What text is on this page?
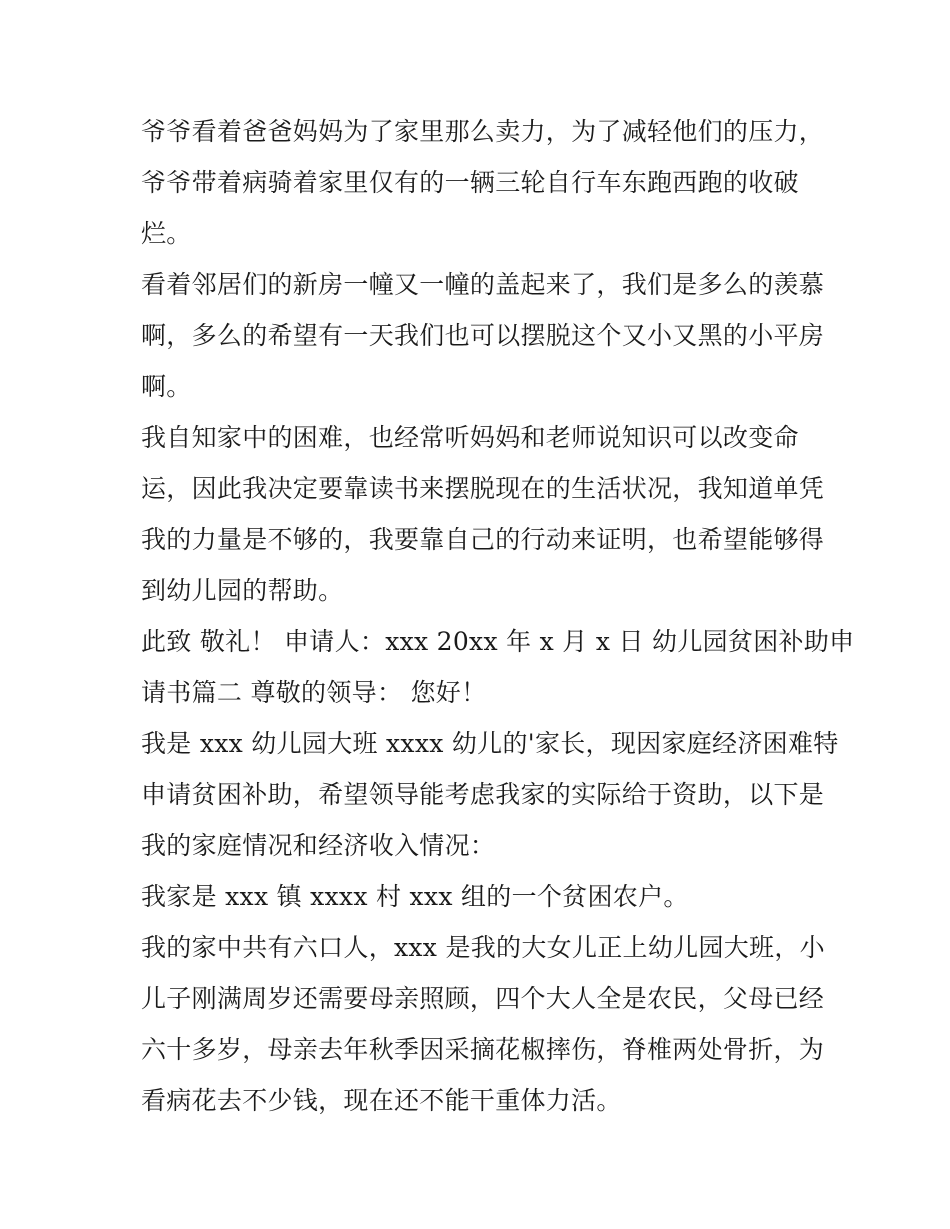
爷爷看着爸爸妈妈为了家里那么卖力，为了减轻他们的压力，
爷爷带着病骑着家里仅有的一辆三轮自行车东跑西跑的收破
烂。
看着邻居们的新房一幢又一幢的盖起来了，我们是多么的羡慕
啊，多么的希望有一天我们也可以摆脱这个又小又黑的小平房
啊。
我自知家中的困难，也经常听妈妈和老师说知识可以改变命
运，因此我决定要靠读书来摆脱现在的生活状况，我知道单凭
我的力量是不够的，我要靠自己的行动来证明，也希望能够得
到幼儿园的帮助。
此致 敬礼！ 申请人：xxx 20xx 年 x 月 x 日 幼儿园贫困补助申
请书篇二 尊敬的领导： 您好！
我是 xxx 幼儿园大班 xxxx 幼儿的'家长，现因家庭经济困难特
申请贫困补助，希望领导能考虑我家的实际给于资助，以下是
我的家庭情况和经济收入情况：
我家是 xxx 镇 xxxx 村 xxx 组的一个贫困农户。
我的家中共有六口人，xxx 是我的大女儿正上幼儿园大班，小
儿子刚满周岁还需要母亲照顾，四个大人全是农民，父母已经
六十多岁，母亲去年秋季因采摘花椒摔伤，脊椎两处骨折，为
看病花去不少钱，现在还不能干重体力活。
